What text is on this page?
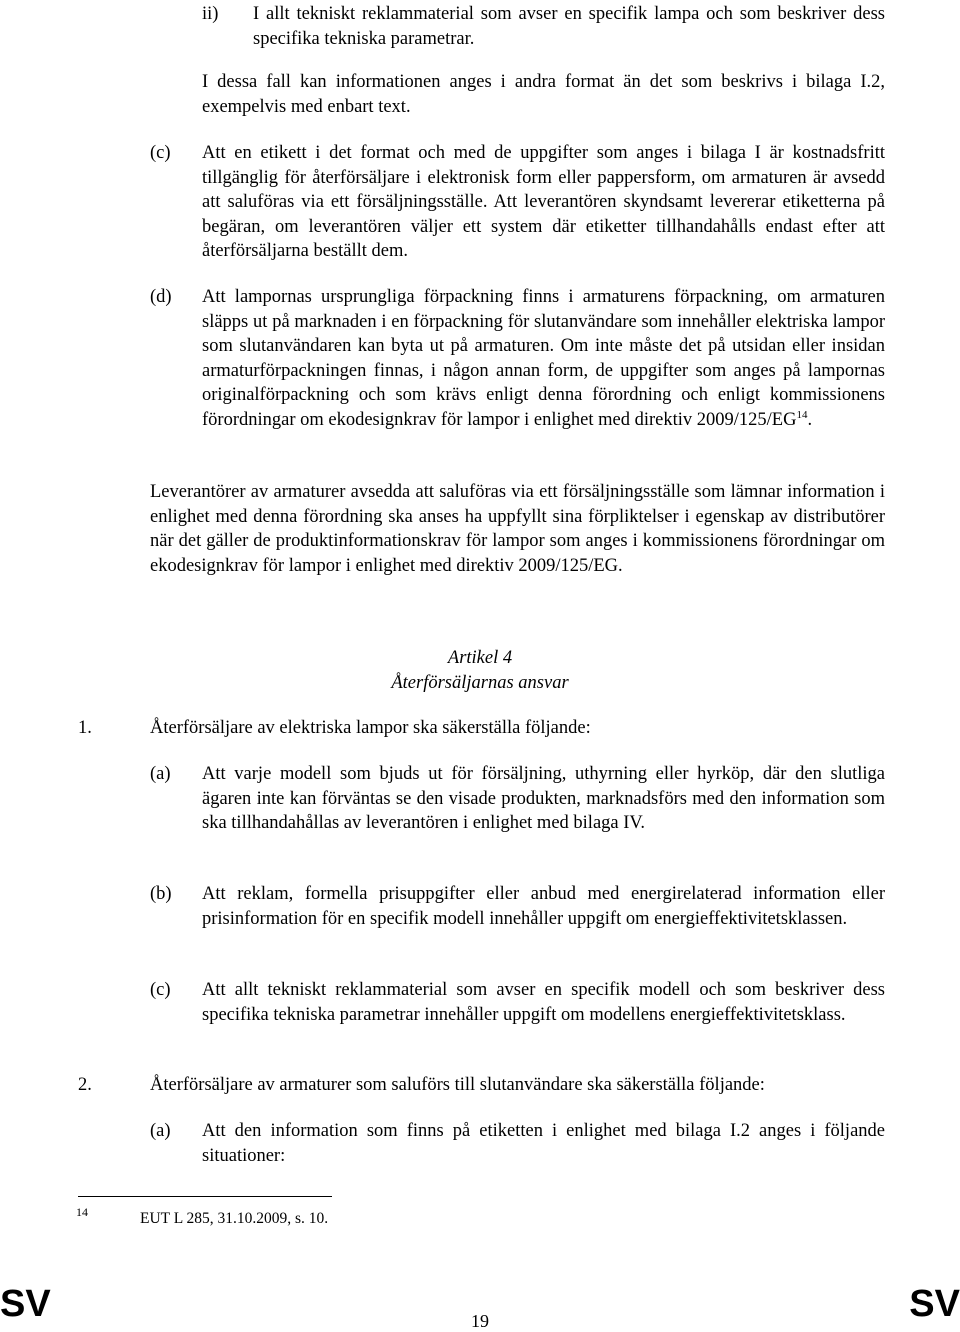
ii) I allt tekniskt reklammaterial som avser en specifik lampa och som beskriver dess specifika tekniska parametrar.
I dessa fall kan informationen anges i andra format än det som beskrivs i bilaga I.2, exempelvis med enbart text.
(c) Att en etikett i det format och med de uppgifter som anges i bilaga I är kostnadsfritt tillgänglig för återförsäljare i elektronisk form eller pappersform, om armaturen är avsedd att saluföras via ett försäljningsställe. Att leverantören skyndsamt levererar etiketterna på begäran, om leverantören väljer ett system där etiketter tillhandahålls endast efter att återförsäljarna beställt dem.
(d) Att lampornas ursprungliga förpackning finns i armaturens förpackning, om armaturen släpps ut på marknaden i en förpackning för slutanvändare som innehåller elektriska lampor som slutanvändaren kan byta ut på armaturen. Om inte måste det på utsidan eller insidan armaturförpackningen finnas, i någon annan form, de uppgifter som anges på lampornas originalförpackning och som krävs enligt denna förordning och enligt kommissionens förordningar om ekodesignkrav för lampor i enlighet med direktiv 2009/125/EG$^{14}$.
Leverantörer av armaturer avsedda att saluföras via ett försäljningsställe som lämnar information i enlighet med denna förordning ska anses ha uppfyllt sina förpliktelser i egenskap av distributörer när det gäller de produktinformationskrav för lampor som anges i kommissionens förordningar om ekodesignkrav för lampor i enlighet med direktiv 2009/125/EG.
Artikel 4
Återförsäljarnas ansvar
1.	Återförsäljare av elektriska lampor ska säkerställa följande:
(a) Att varje modell som bjuds ut för försäljning, uthyrning eller hyrköp, där den slutliga ägaren inte kan förväntas se den visade produkten, marknadsförs med den information som ska tillhandahållas av leverantören i enlighet med bilaga IV.
(b) Att reklam, formella prisuppgifter eller anbud med energirelaterad information eller prisinformation för en specifik modell innehåller uppgift om energieffektivitetsklassen.
(c) Att allt tekniskt reklammaterial som avser en specifik modell och som beskriver dess specifika tekniska parametrar innehåller uppgift om modellens energieffektivitetsklass.
2.	Återförsäljare av armaturer som saluförs till slutanvändare ska säkerställa följande:
(a) Att den information som finns på etiketten i enlighet med bilaga I.2 anges i följande situationer:
14	EUT L 285, 31.10.2009, s. 10.
SV	19	SV
